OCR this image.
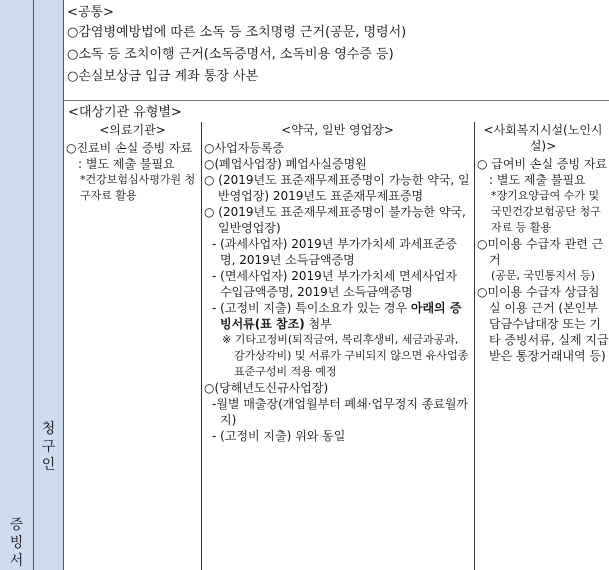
증
빙
서
청
구
인
<공통>
○감염병예방법에 따른 소독 등 조치명령 근거(공문, 명령서)
○소독 등 조치이행 근거(소독증명서, 소독비용 영수증 등)
○손실보상금 입금 계좌 통장 사본
<대상기관 유형별>
<의료기관>

○진료비 손실 증빙 자료 : 별도 제출 불필요

*건강보험심사평가원 청구자료 활용

<약국, 일반 영업장>

○사업자등록증

○(폐업사업장) 폐업사실증명원

○ (2019년도 표준재무제표증명이 가능한 약국, 일반영업장) 2019년도 표준재무제표증명

○ (2019년도 표준재무제표증명이 불가능한 약국, 일반영업장)

- (과세사업자) 2019년 부가가치세 과세표준증명, 2019년 소득금액증명

- (면세사업자) 2019년 부가가치세 면세사업자 수입금액증명, 2019년 소득금액증명

- (고정비 지출) 특이소요가 있는 경우 아래의 증빙서류(표 참조) 첨부

※ 기타고정비(퇴직금여, 복리후생비, 세금과공과, 감가상각비) 및 서류가 구비되지 않으면 유사업종표준구성비 적용 예정

○(당해년도신규사업장)

-월별 매출장(개업월부터 폐쇄·업무정지 종료월까지)

- (고정비 지출) 위와 동일

<사회복지시설(노인시설)>

○ 급여비 손실 증빙 자료 : 별도 제출 불필요

*장기요양급여 수가 및 국민건강보험공단 청구자료 등 활용

○미이용 수급자 관련 근거

(공문, 국민통지서 등)

○미이용 수급자 상급침실 이용 근거 (본인부담금수납대장 또는 기타 증빙서류, 실제 지급받은 통장거래내역 등)
